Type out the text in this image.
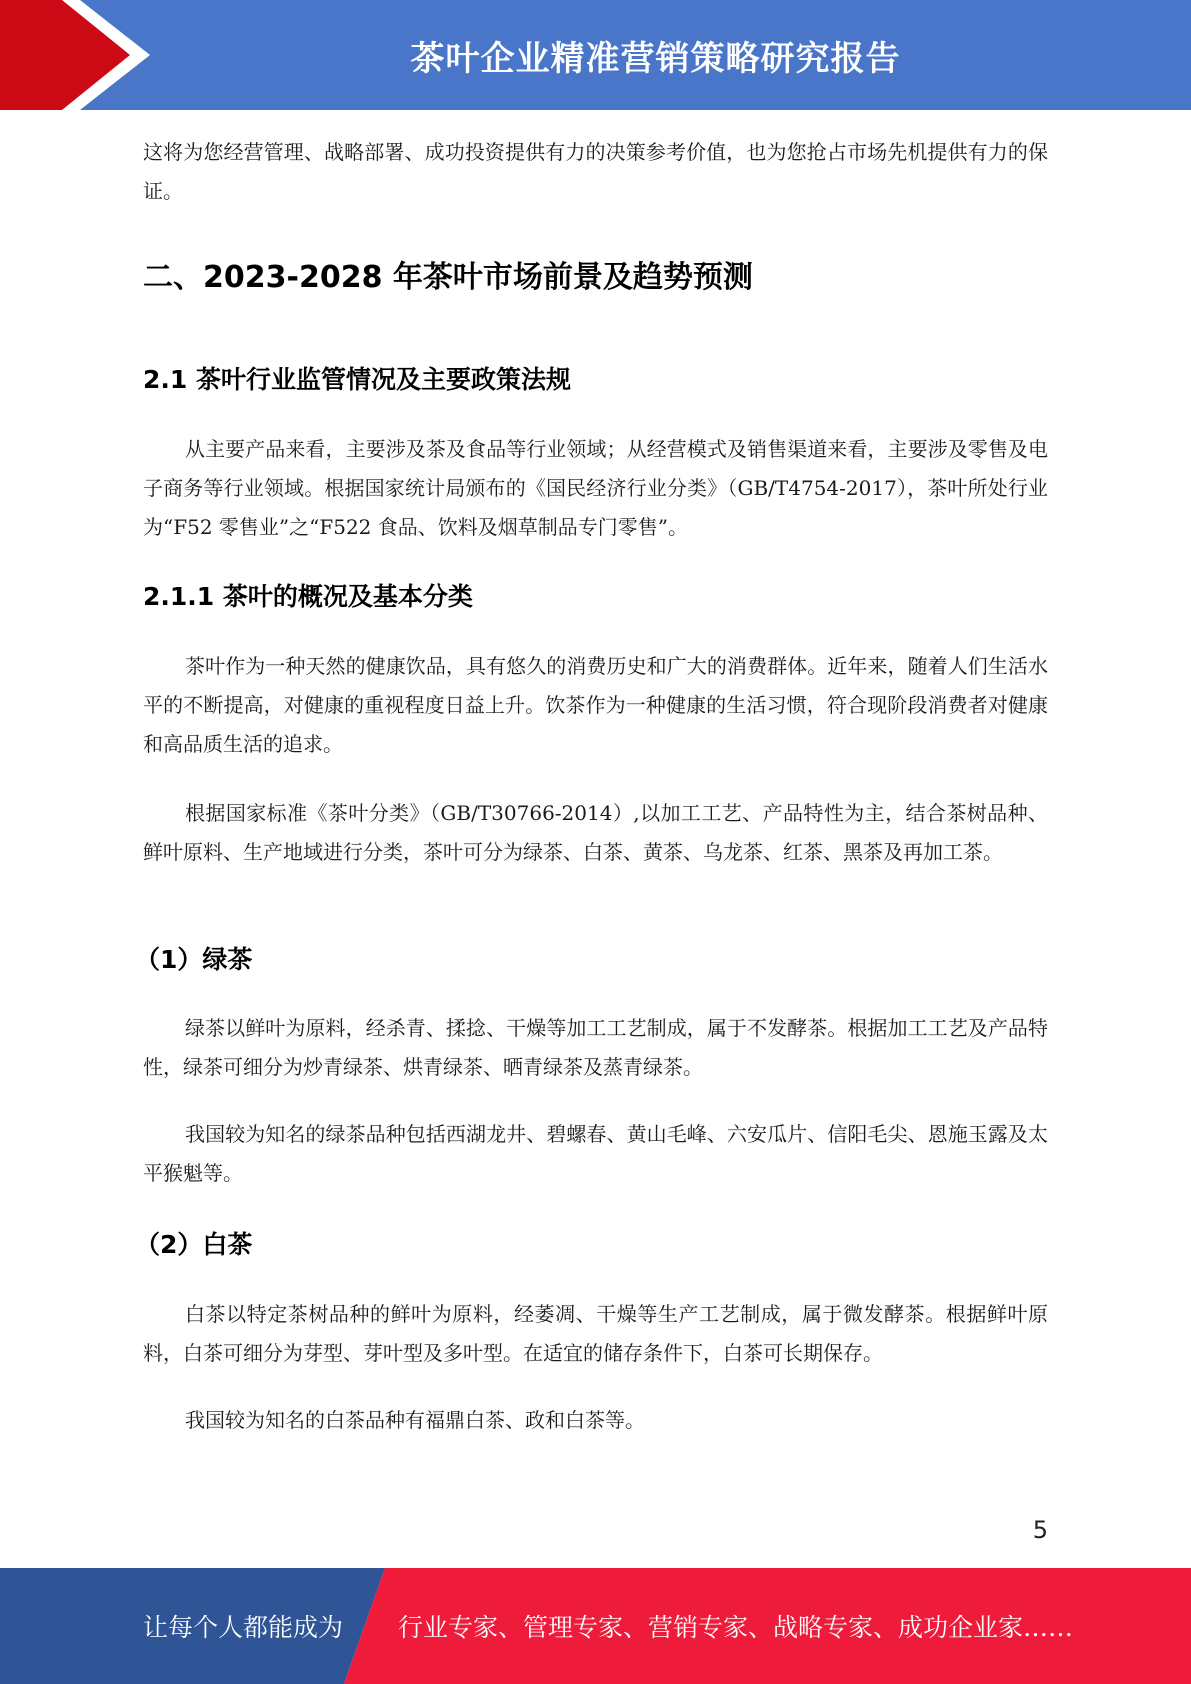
茶叶企业精准营销策略研究报告

这将为您经营管理、战略部署、成功投资提供有力的决策参考价值，也为您抢占市场先机提供有力的保证。

二、2023-2028 年茶叶市场前景及趋势预测
2.1 茶叶行业监管情况及主要政策法规

从主要产品来看，主要涉及茶及食品等行业领域；从经营模式及销售渠道来看，主要涉及零售及电子商务等行业领域。根据国家统计局颁布的《国民经济行业分类》（GB/T4754-2017），茶叶所处行业为“F52 零售业”之“F522 食品、饮料及烟草制品专门零售”。

2.1.1 茶叶的概况及基本分类

茶叶作为一种天然的健康饮品，具有悠久的消费历史和广大的消费群体。近年来，随着人们生活水平的不断提高，对健康的重视程度日益上升。饮茶作为一种健康的生活习惯，符合现阶段消费者对健康和高品质生活的追求。

根据国家标准《茶叶分类》（GB/T30766-2014）,以加工工艺、产品特性为主，结合茶树品种、鲜叶原料、生产地域进行分类，茶叶可分为绿茶、白茶、黄茶、乌龙茶、红茶、黑茶及再加工茶。

（1）绿茶

绿茶以鲜叶为原料，经杀青、揉捻、干燥等加工工艺制成，属于不发酵茶。根据加工工艺及产品特性，绿茶可细分为炒青绿茶、烘青绿茶、晒青绿茶及蒸青绿茶。

我国较为知名的绿茶品种包括西湖龙井、碧螺春、黄山毛峰、六安瓜片、信阳毛尖、恩施玉露及太平猴魁等。

（2）白茶

白茶以特定茶树品种的鲜叶为原料，经萎凋、干燥等生产工艺制成，属于微发酵茶。根据鲜叶原料，白茶可细分为芽型、芽叶型及多叶型。在适宜的储存条件下，白茶可长期保存。

我国较为知名的白茶品种有福鼎白茶、政和白茶等。

5
让每个人都能成为 行业专家、管理专家、营销专家、战略专家、成功企业家……
